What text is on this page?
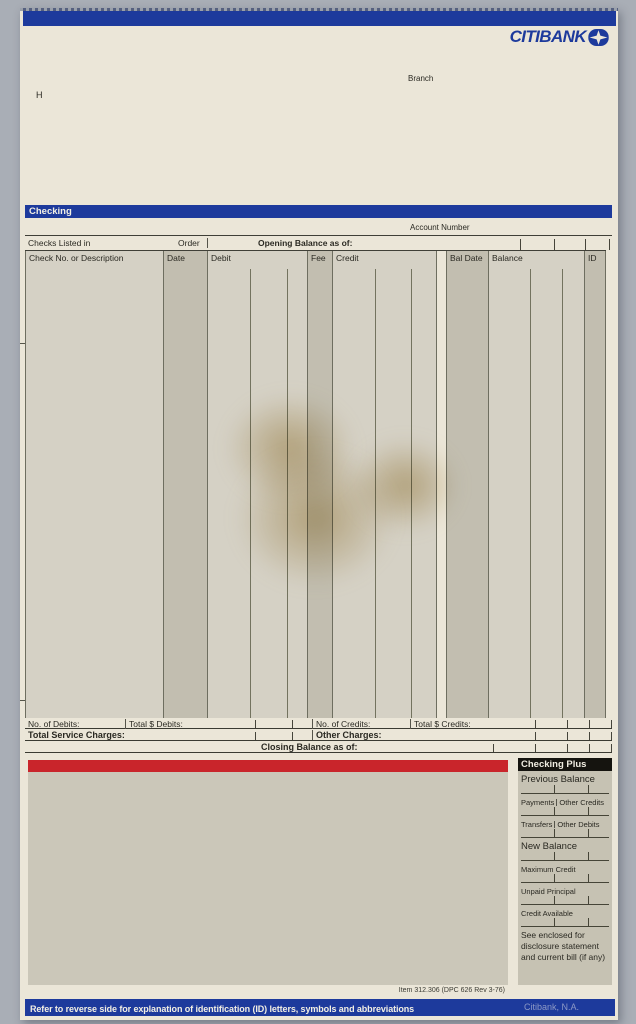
CITIBANK
Branch
H
Checking
Account Number
Checks Listed in	Order	Opening Balance as of:
Check No. or Description	Date	Debit	Fee	Credit	Bal Date	Balance	ID
No. of Debits:	Total $ Debits:	No. of Credits:	Total $ Credits:
Total Service Charges:	Other Charges:
Closing Balance as of:
Checking Plus
Previous Balance
Payments Other Credits
Transfers Other Debits
New Balance
Maximum Credit
Unpaid Principal
Credit Available
See enclosed for disclosure statement and current bill (if any)
Item 312.306 (DPC 626 Rev 3-76)
Refer to reverse side for explanation of identification (ID) letters, symbols and abbreviations	Citibank, N.A.
